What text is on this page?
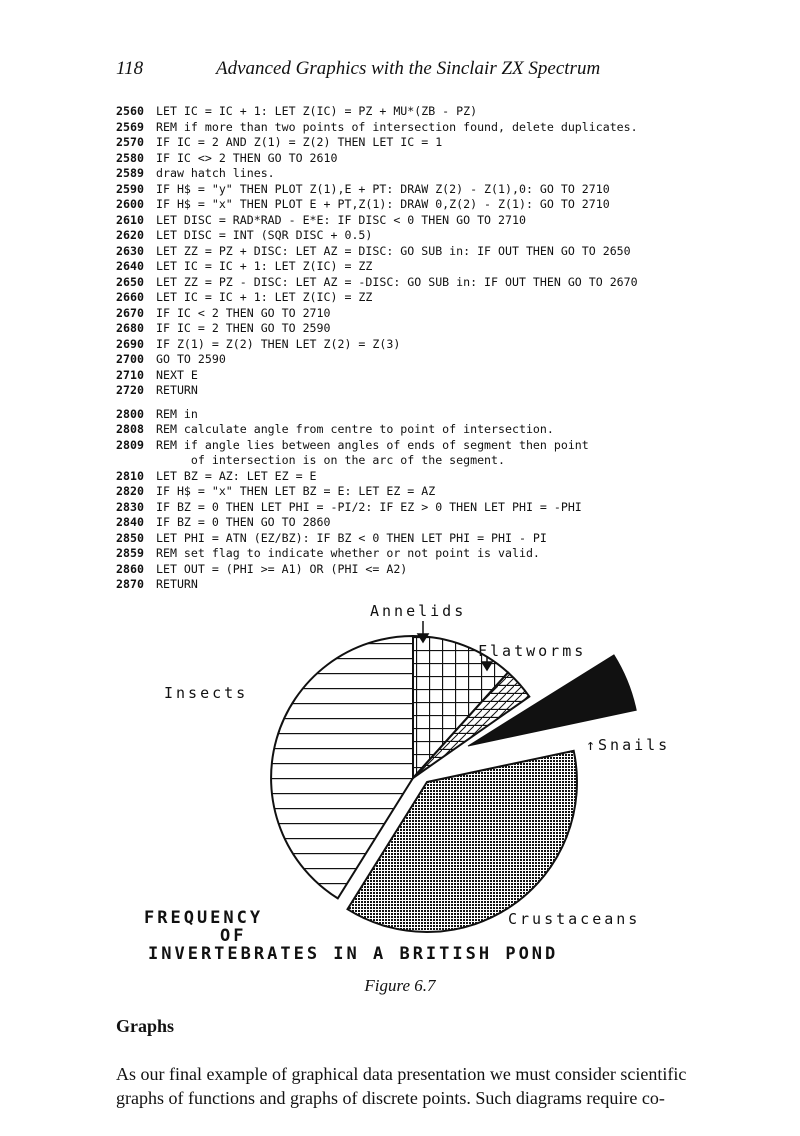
118	Advanced Graphics with the Sinclair ZX Spectrum
2560 LET IC = IC + 1: LET Z(IC) = PZ + MU*(ZB - PZ)
2569 REM if more than two points of intersection found, delete duplicates.
2570 IF IC = 2 AND Z(1) = Z(2) THEN LET IC = 1
2580 IF IC <> 2 THEN GO TO 2610
2589 draw hatch lines.
2590 IF H$ = "y" THEN PLOT Z(1),E + PT: DRAW Z(2) - Z(1),0: GO TO 2710
2600 IF H$ = "x" THEN PLOT E + PT,Z(1): DRAW 0,Z(2) - Z(1): GO TO 2710
2610 LET DISC = RAD*RAD - E*E: IF DISC < 0 THEN GO TO 2710
2620 LET DISC = INT (SQR DISC + 0.5)
2630 LET ZZ = PZ + DISC: LET AZ = DISC: GO SUB in: IF OUT THEN GO TO 2650
2640 LET IC = IC + 1: LET Z(IC) = ZZ
2650 LET ZZ = PZ - DISC: LET AZ = -DISC: GO SUB in: IF OUT THEN GO TO 2670
2660 LET IC = IC + 1: LET Z(IC) = ZZ
2670 IF IC < 2 THEN GO TO 2710
2680 IF IC = 2 THEN GO TO 2590
2690 IF Z(1) = Z(2) THEN LET Z(2) = Z(3)
2700 GO TO 2590
2710 NEXT E
2720 RETURN
2800 REM in
2808 REM calculate angle from centre to point of intersection.
2809 REM if angle lies between angles of ends of segment then point
of intersection is on the arc of the segment.
2810 LET BZ = AZ: LET EZ = E
2820 IF H$ = "x" THEN LET BZ = E: LET EZ = AZ
2830 IF BZ = 0 THEN LET PHI = -PI/2: IF EZ > 0 THEN LET PHI = -PHI
2840 IF BZ = 0 THEN GO TO 2860
2850 LET PHI = ATN (EZ/BZ): IF BZ < 0 THEN LET PHI = PHI - PI
2859 REM set flag to indicate whether or not point is valid.
2860 LET OUT = (PHI >= A1) OR (PHI <= A2)
2870 RETURN
Annelids
Flatworms
Insects
↑Snails
Crustaceans
FREQUENCY
OF
INVERTEBRATES IN A BRITISH POND
Figure 6.7
Graphs
As our final example of graphical data presentation we must consider scientific graphs of functions and graphs of discrete points. Such diagrams require co-
